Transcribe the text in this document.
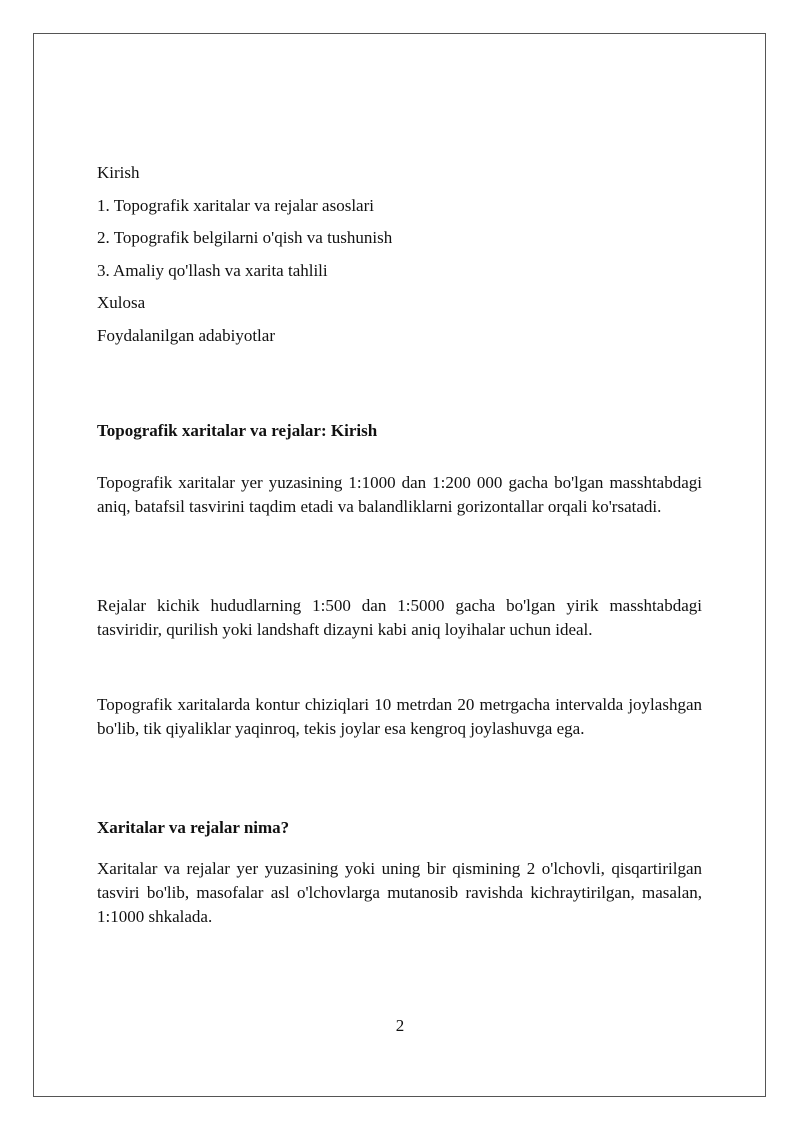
Kirish
1. Topografik xaritalar va rejalar asoslari
2. Topografik belgilarni o'qish va tushunish
3. Amaliy qo'llash va xarita tahlili
Xulosa
Foydalanilgan adabiyotlar
Topografik xaritalar va rejalar: Kirish
Topografik xaritalar yer yuzasining 1:1000 dan 1:200 000 gacha bo'lgan masshtabdagi aniq, batafsil tasvirini taqdim etadi va balandliklarni gorizontallar orqali ko'rsatadi.
Rejalar kichik hududlarning 1:500 dan 1:5000 gacha bo'lgan yirik masshtabdagi tasviridir, qurilish yoki landshaft dizayni kabi aniq loyihalar uchun ideal.
Topografik xaritalarda kontur chiziqlari 10 metrdan 20 metrgacha intervalda joylashgan bo'lib, tik qiyaliklar yaqinroq, tekis joylar esa kengroq joylashuvga ega.
Xaritalar va rejalar nima?
Xaritalar va rejalar yer yuzasining yoki uning bir qismining 2 o'lchovli, qisqartirilgan tasviri bo'lib, masofalar asl o'lchovlarga mutanosib ravishda kichraytirilgan, masalan, 1:1000 shkalada.
2
